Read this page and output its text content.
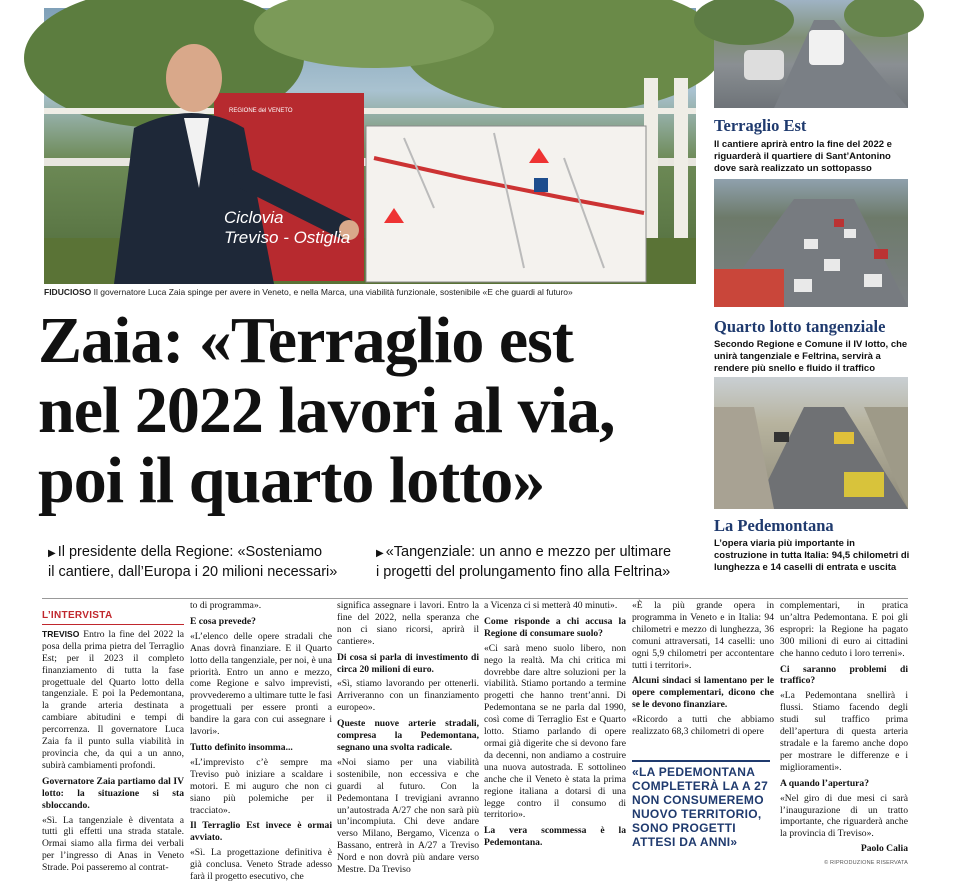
Ciclovia
Treviso - Ostiglia
REGIONE del VENETO
FIDUCIOSO Il governatore Luca Zaia spinge per avere in Veneto, e nella Marca, una viabilità funzionale, sostenibile «E che guardi al futuro»
Zaia: «Terraglio est
nel 2022 lavori al via,
poi il quarto lotto»
▶ Il presidente della Regione: «Sosteniamo
il cantiere, dall’Europa i 20 milioni necessari»
▶ «Tangenziale: un anno e mezzo per ultimare
i progetti del prolungamento fino alla Feltrina»
Terraglio Est
Il cantiere aprirà entro la fine del 2022 e riguarderà il quartiere di Sant’Antonino dove sarà realizzato un sottopasso
Quarto lotto tangenziale
Secondo Regione e Comune il IV lotto, che unirà tangenziale e Feltrina, servirà a rendere più snello e fluido il traffico
La Pedemontana
L’opera viaria più importante in costruzione in tutta Italia: 94,5 chilometri di lunghezza e 14 caselli di entrata e uscita
L’INTERVISTA

TREVISO Entro la fine del 2022 la posa della prima pietra del Terraglio Est; per il 2023 il completo finanziamento di tutta la fase progettuale del Quarto lotto della tangenziale. E poi la Pedemontana, la grande arteria destinata a cambiare abitudini e tempi di percorrenza. Il governatore Luca Zaia fa il punto sulla viabilità in provincia che, da qui a un anno, subirà cambiamenti profondi.

Governatore Zaia partiamo dal IV lotto: la situazione si sta sbloccando.

«Sì. La tangenziale è diventata a tutti gli effetti una strada statale. Ormai siamo alla firma dei verbali per l’ingresso di Anas in Veneto Strade. Poi passeremo al contrat-

to di programma».

E cosa prevede?

«L’elenco delle opere stradali che Anas dovrà finanziare. E il Quarto lotto della tangenziale, per noi, è una priorità. Entro un anno e mezzo, come Regione e salvo imprevisti, provvederemo a ultimare tutte le fasi progettuali per essere pronti a bandire la gara con cui assegnare i lavori».

Tutto definito insomma...

«L’imprevisto c’è sempre ma Treviso può iniziare a scaldare i motori. E mi auguro che non ci siano più polemiche per il tracciato».

Il Terraglio Est invece è ormai avviato.

«Sì. La progettazione definitiva è già conclusa. Veneto Strade adesso farà il progetto esecutivo, che

significa assegnare i lavori. Entro la fine del 2022, nella speranza che non ci siano ricorsi, aprirà il cantiere».

Di cosa si parla di investimento di circa 20 milioni di euro.

«Sì, stiamo lavorando per ottenerli. Arriveranno con un finanziamento europeo».

Queste nuove arterie stradali, compresa la Pedemontana, segnano una svolta radicale.

«Noi siamo per una viabilità sostenibile, non eccessiva e che guardi al futuro. Con la Pedemontana I trevigiani avranno un’autostrada A/27 che non sarà più un’incompiuta. Chi deve andare verso Milano, Bergamo, Vicenza o Bassano, entrerà in A/27 a Treviso Nord e non dovrà più andare verso Mestre. Da Treviso

a Vicenza ci si metterà 40 minuti».

Come risponde a chi accusa la Regione di consumare suolo?

«Ci sarà meno suolo libero, non nego la realtà. Ma chi critica mi dovrebbe dare altre soluzioni per la viabilità. Stiamo portando a termine progetti che hanno trent’anni. Di Pedemontana se ne parla dal 1990, così come di Terraglio Est e Quarto lotto. Stiamo parlando di opere ormai già digerite che si devono fare da decenni, non andiamo a costruire una nuova autostrada. E sottolineo anche che il Veneto è stata la prima regione italiana a dotarsi di una legge contro il consumo di territorio».

La vera scommessa è la Pedemontana.

«È la più grande opera in programma in Veneto e in Italia: 94 chilometri e mezzo di lunghezza, 36 comuni attraversati, 14 caselli: uno ogni 5,9 chilometri per accontentare tutti i territori».

Alcuni sindaci si lamentano per le opere complementari, dicono che se le devono finanziare.

«Ricordo a tutti che abbiamo realizzato 68,3 chilometri di opere

«LA PEDEMONTANA COMPLETERÀ LA A 27 NON CONSUMEREMO NUOVO TERRITORIO, SONO PROGETTI ATTESI DA ANNI»

complementari, in pratica un’altra Pedemontana. E poi gli espropri: la Regione ha pagato 300 milioni di euro ai cittadini che hanno ceduto i loro terreni».

Ci saranno problemi di traffico?

«La Pedemontana snellirà i flussi. Stiamo facendo degli studi sul traffico prima dell’apertura di questa arteria stradale e la faremo anche dopo per mostrare le differenze e i miglioramenti».

A quando l’apertura?

«Nel giro di due mesi ci sarà l’inaugurazione di un tratto importante, che riguarderà anche la provincia di Treviso».

Paolo Calia

© RIPRODUZIONE RISERVATA
